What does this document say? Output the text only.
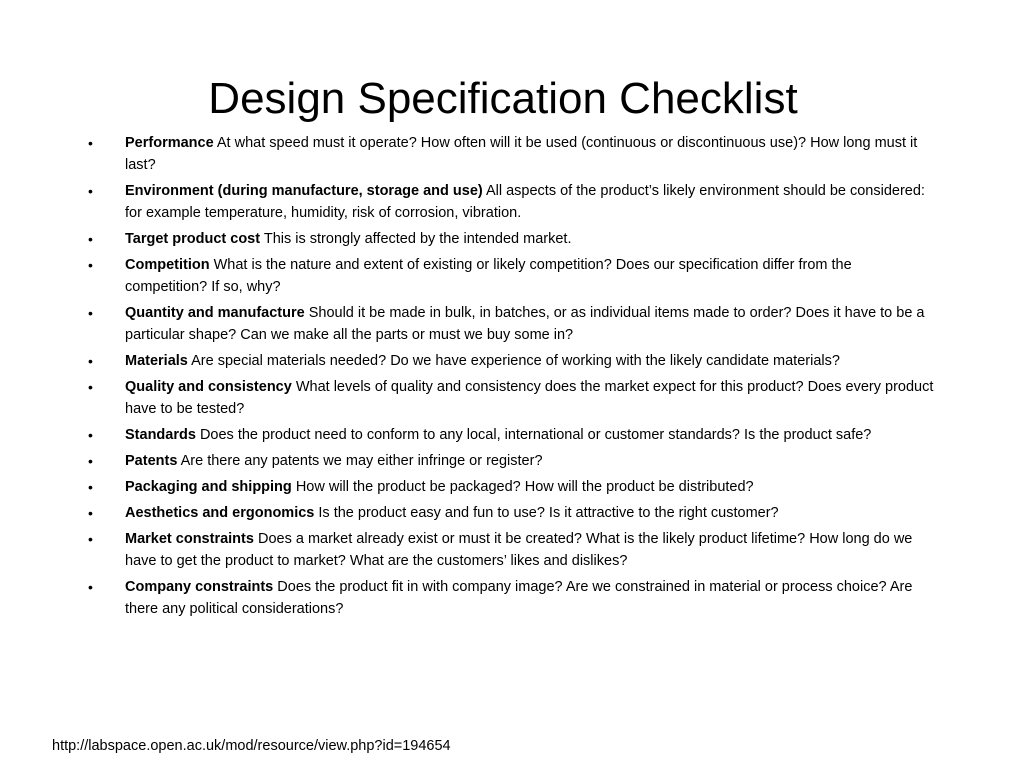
Design Specification Checklist
•	Performance At what speed must it operate? How often will it be used (continuous or discontinuous use)? How long must it last?
•	Environment (during manufacture, storage and use) All aspects of the product’s likely environment should be considered: for example temperature, humidity, risk of corrosion, vibration.
•	Target product cost This is strongly affected by the intended market.
•	Competition What is the nature and extent of existing or likely competition? Does our specification differ from the competition? If so, why?
•	Quantity and manufacture Should it be made in bulk, in batches, or as individual items made to order? Does it have to be a particular shape? Can we make all the parts or must we buy some in?
•	Materials Are special materials needed? Do we have experience of working with the likely candidate materials?
•	Quality and consistency What levels of quality and consistency does the market expect for this product? Does every product have to be tested?
•	Standards Does the product need to conform to any local, international or customer standards? Is the product safe?
•	Patents Are there any patents we may either infringe or register?
•	Packaging and shipping How will the product be packaged? How will the product be distributed?
•	Aesthetics and ergonomics Is the product easy and fun to use? Is it attractive to the right customer?
•	Market constraints Does a market already exist or must it be created? What is the likely product lifetime? How long do we have to get the product to market? What are the customers’ likes and dislikes?
•	Company constraints Does the product fit in with company image? Are we constrained in material or process choice? Are there any political considerations?
http://labspace.open.ac.uk/mod/resource/view.php?id=194654
